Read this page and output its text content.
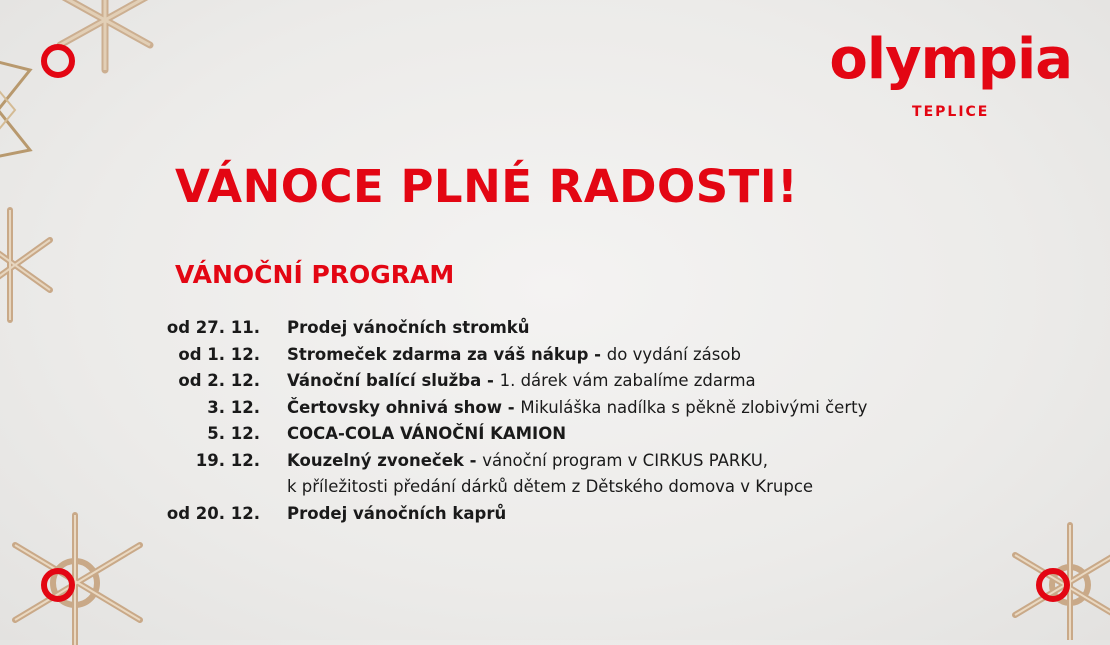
olympia
TEPLICE
VÁNOCE PLNÉ RADOSTI!
VÁNOČNÍ PROGRAM
od 27. 11. Prodej vánočních stromků
od 1. 12. Stromeček zdarma za váš nákup - do vydání zásob
od 2. 12. Vánoční balící služba - 1. dárek vám zabalíme zdarma
3. 12. Čertovsky ohnivá show - Mikuláška nadílka s pěkně zlobivými čerty
5. 12. COCA-COLA VÁNOČNÍ KAMION
19. 12. Kouzelný zvoneček - vánoční program v CIRKUS PARKU,
k příležitosti předání dárků dětem z Dětského domova v Krupce
od 20. 12. Prodej vánočních kaprů
